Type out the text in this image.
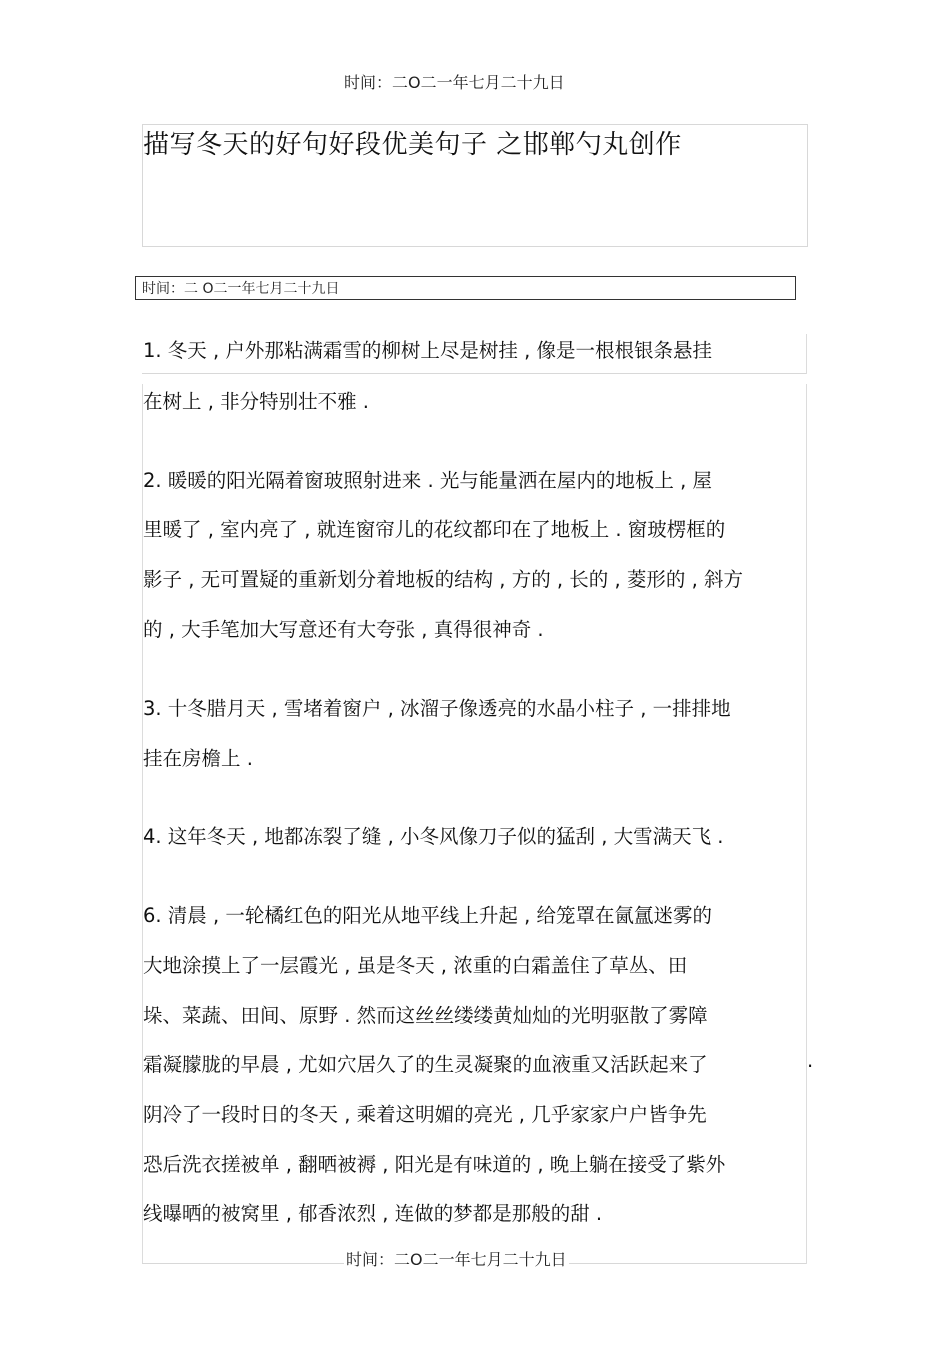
时间：二O二一年七月二十九日
描写冬天的好句好段优美句子 之邯郸勺丸创作
时间：二 O二一年七月二十九日
1. 冬天 , 户外那粘满霜雪的柳树上尽是树挂 , 像是一根根银条悬挂
在树上 , 非分特别壮不雅 .
2. 暖暖的阳光隔着窗玻照射进来 . 光与能量洒在屋内的地板上 , 屋
里暖了 , 室内亮了 , 就连窗帘儿的花纹都印在了地板上 . 窗玻楞框的
影子 , 无可置疑的重新划分着地板的结构 , 方的 , 长的 , 菱形的 , 斜方
的 , 大手笔加大写意还有大夸张 , 真得很神奇 .
3. 十冬腊月天 , 雪堵着窗户 , 冰溜子像透亮的水晶小柱子 , 一排排地
挂在房檐上 .
4. 这年冬天 , 地都冻裂了缝 , 小冬风像刀子似的猛刮 , 大雪满天飞 .
6. 清晨 , 一轮橘红色的阳光从地平线上升起 , 给笼罩在氤氲迷雾的
大地涂摸上了一层霞光 , 虽是冬天 , 浓重的白霜盖住了草丛、田
垛、菜蔬、田间、原野 . 然而这丝丝缕缕黄灿灿的光明驱散了雾障
霜凝朦胧的早晨 , 尤如穴居久了的生灵凝聚的血液重又活跃起来了	.
阴冷了一段时日的冬天 , 乘着这明媚的亮光 , 几乎家家户户皆争先
恐后洗衣搓被单 , 翻晒被褥 , 阳光是有味道的 , 晚上躺在接受了紫外
线曝晒的被窝里 , 郁香浓烈 , 连做的梦都是那般的甜 .
时间：二O二一年七月二十九日
